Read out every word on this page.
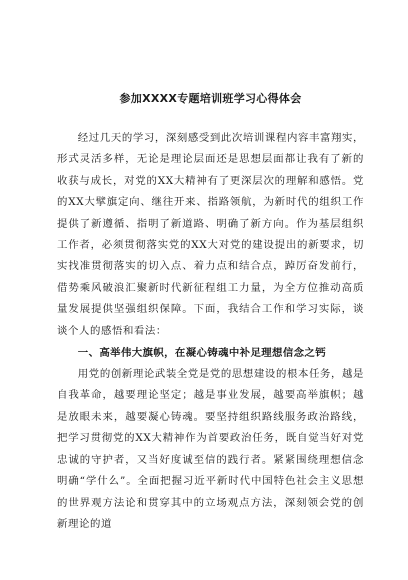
参加XXXX专题培训班学习心得体会

经过几天的学习，深刻感受到此次培训课程内容丰富翔实，形式灵活多样，无论是理论层面还是思想层面都让我有了新的收获与成长，对党的XX大精神有了更深层次的理解和感悟。党的XX大擘旗定向、继往开来、指路领航，为新时代的组织工作提供了新遵循、指明了新道路、明确了新方向。作为基层组织工作者，必须贯彻落实党的XX大对党的建设提出的新要求，切实找准贯彻落实的切入点、着力点和结合点，踔厉奋发前行，借势乘风破浪汇聚新时代新征程组工力量，为全方位推动高质量发展提供坚强组织保障。下面，我结合工作和学习实际，谈谈个人的感悟和看法：

一、高举伟大旗帜，在凝心铸魂中补足理想信念之钙

用党的创新理论武装全党是党的思想建设的根本任务，越是自我革命，越要理论坚定；越是事业发展，越要高举旗帜；越是放眼未来，越要凝心铸魂。要坚持组织路线服务政治路线，把学习贯彻党的XX大精神作为首要政治任务，既自觉当好对党忠诚的守护者，又当好度诚至信的践行者。紧紧围绕理想信念明确“学什么”。全面把握习近平新时代中国特色社会主义思想的世界观方法论和贯穿其中的立场观点方法，深刻领会党的创新理论的道
